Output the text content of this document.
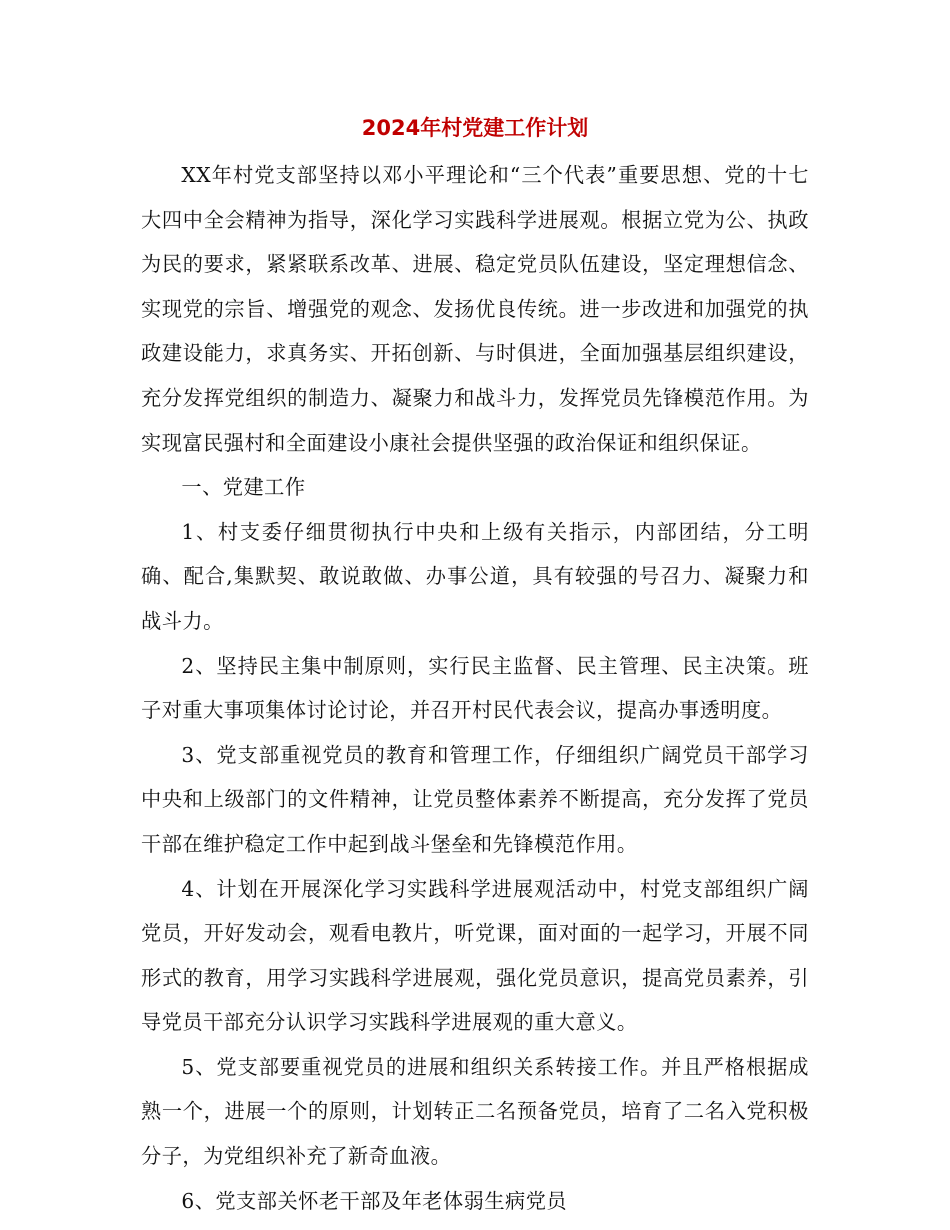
2024年村党建工作计划

XX年村党支部坚持以邓小平理论和“三个代表”重要思想、党的十七大四中全会精神为指导，深化学习实践科学进展观。根据立党为公、执政为民的要求，紧紧联系改革、进展、稳定党员队伍建设，坚定理想信念、实现党的宗旨、增强党的观念、发扬优良传统。进一步改进和加强党的执政建设能力，求真务实、开拓创新、与时俱进，全面加强基层组织建设，充分发挥党组织的制造力、凝聚力和战斗力，发挥党员先锋模范作用。为实现富民强村和全面建设小康社会提供坚强的政治保证和组织保证。

一、党建工作

1、村支委仔细贯彻执行中央和上级有关指示，内部团结，分工明确、配合,集默契、敢说敢做、办事公道，具有较强的号召力、凝聚力和战斗力。

2、坚持民主集中制原则，实行民主监督、民主管理、民主决策。班子对重大事项集体讨论讨论，并召开村民代表会议，提高办事透明度。

3、党支部重视党员的教育和管理工作，仔细组织广阔党员干部学习中央和上级部门的文件精神，让党员整体素养不断提高，充分发挥了党员干部在维护稳定工作中起到战斗堡垒和先锋模范作用。

4、计划在开展深化学习实践科学进展观活动中，村党支部组织广阔党员，开好发动会，观看电教片，听党课，面对面的一起学习，开展不同形式的教育，用学习实践科学进展观，强化党员意识，提高党员素养，引导党员干部充分认识学习实践科学进展观的重大意义。

5、党支部要重视党员的进展和组织关系转接工作。并且严格根据成熟一个，进展一个的原则，计划转正二名预备党员，培育了二名入党积极分子，为党组织补充了新奇血液。

6、党支部关怀老干部及年老体弱生病党员
